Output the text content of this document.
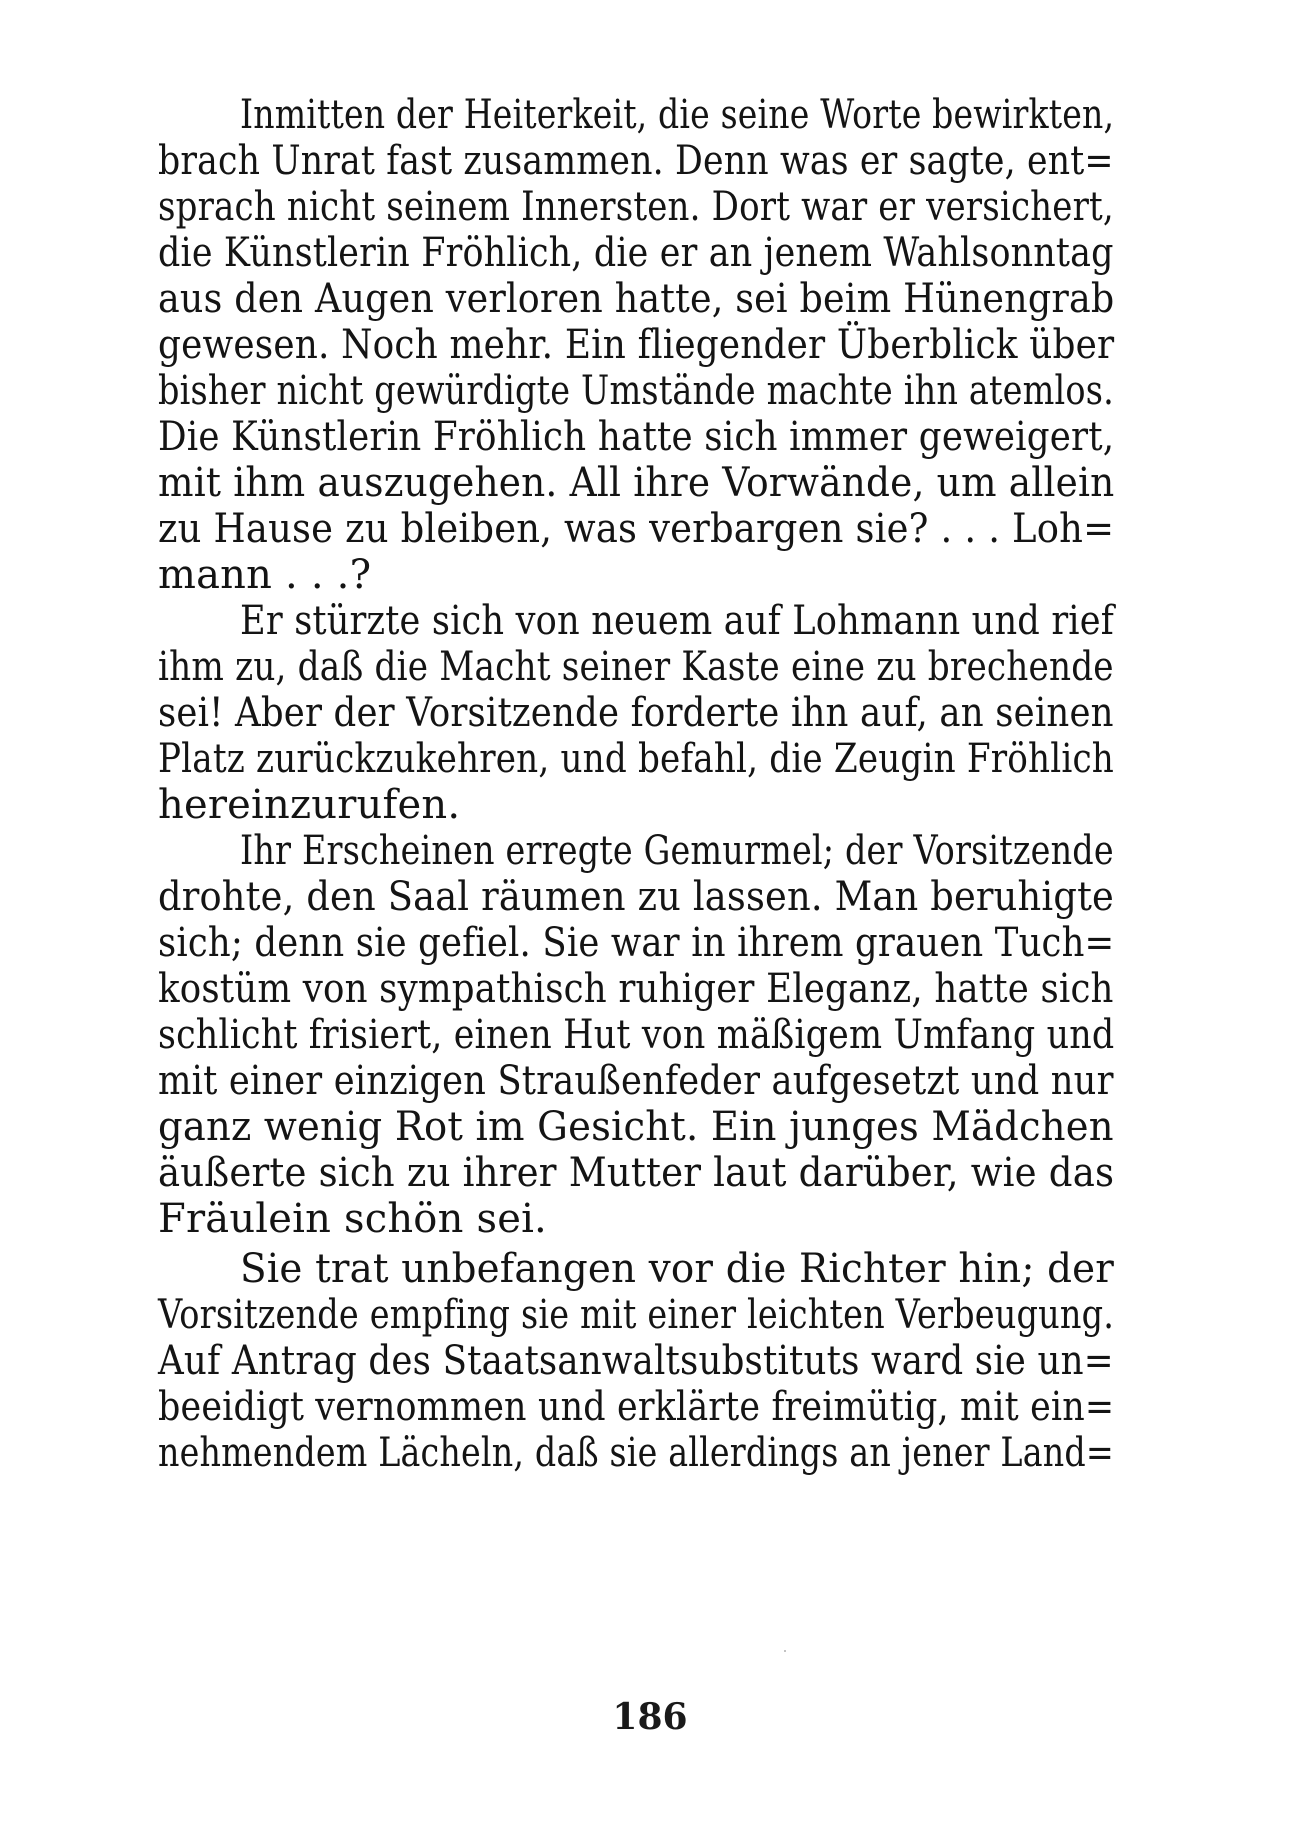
Inmitten der Heiterkeit, die seine Worte bewirkten,
brach Unrat fast zusammen. Denn was er sagte, ent=
sprach nicht seinem Innersten. Dort war er versichert,
die Künstlerin Fröhlich, die er an jenem Wahlsonntag
aus den Augen verloren hatte, sei beim Hünengrab
gewesen. Noch mehr. Ein fliegender Überblick über
bisher nicht gewürdigte Umstände machte ihn atemlos.
Die Künstlerin Fröhlich hatte sich immer geweigert,
mit ihm auszugehen. All ihre Vorwände, um allein
zu Hause zu bleiben, was verbargen sie? . . . Loh=
mann . . .?
Er stürzte sich von neuem auf Lohmann und rief
ihm zu, daß die Macht seiner Kaste eine zu brechende
sei! Aber der Vorsitzende forderte ihn auf, an seinen
Platz zurückzukehren, und befahl, die Zeugin Fröhlich
hereinzurufen.
Ihr Erscheinen erregte Gemurmel; der Vorsitzende
drohte, den Saal räumen zu lassen. Man beruhigte
sich; denn sie gefiel. Sie war in ihrem grauen Tuch=
kostüm von sympathisch ruhiger Eleganz, hatte sich
schlicht frisiert, einen Hut von mäßigem Umfang und
mit einer einzigen Straußenfeder aufgesetzt und nur
ganz wenig Rot im Gesicht. Ein junges Mädchen
äußerte sich zu ihrer Mutter laut darüber, wie das
Fräulein schön sei.
Sie trat unbefangen vor die Richter hin; der
Vorsitzende empfing sie mit einer leichten Verbeugung.
Auf Antrag des Staatsanwaltsubstituts ward sie un=
beeidigt vernommen und erklärte freimütig, mit ein=
nehmendem Lächeln, daß sie allerdings an jener Land=
186
